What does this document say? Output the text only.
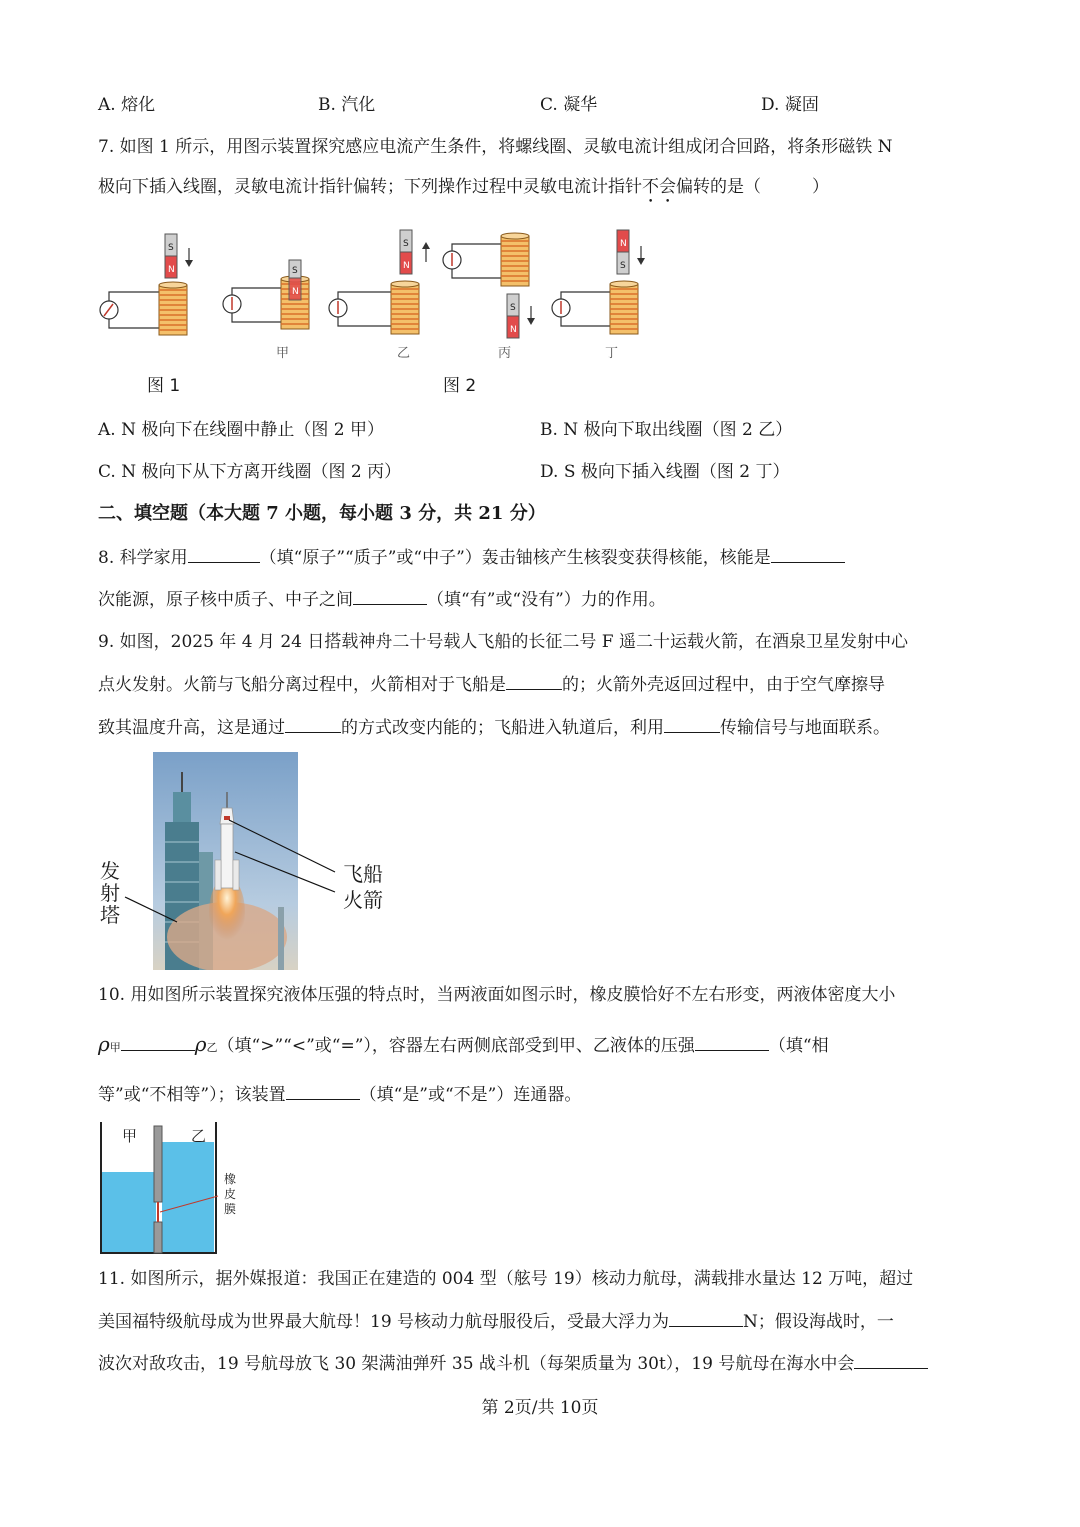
A. 熔化	B. 汽化	C. 凝华	D. 凝固
7. 如图 1 所示，用图示装置探究感应电流产生条件，将螺线圈、灵敏电流计组成闭合回路，将条形磁铁 N
极向下插入线圈，灵敏电流计指针偏转；下列操作过程中灵敏电流计指针不会偏转的是（　　　）
S
N	S
N
S
N
S
N
N
S
甲	乙	丙	丁
图 1	图 2
A. N 极向下在线圈中静止（图 2 甲）	B. N 极向下取出线圈（图 2 乙）
C. N 极向下从下方离开线圈（图 2 丙）	D. S 极向下插入线圈（图 2 丁）
二、填空题（本大题 7 小题，每小题 3 分，共 21 分）
8. 科学家用	（填“原子”“质子”或“中子”）轰击铀核产生核裂变获得核能，核能是
次能源，原子核中质子、中子之间	（填“有”或“没有”）力的作用。
9. 如图，2025 年 4 月 24 日搭载神舟二十号载人飞船的长征二号 F 遥二十运载火箭，在酒泉卫星发射中心
点火发射。火箭与飞船分离过程中，火箭相对于飞船是	的；火箭外壳返回过程中，由于空气摩擦导
致其温度升高，这是通过	的方式改变内能的；飞船进入轨道后，利用	传输信号与地面联系。
飞船
火箭
发
射
塔
10. 用如图所示装置探究液体压强的特点时，当两液面如图示时，橡皮膜恰好不左右形变，两液体密度大小
ρ甲	ρ乙（填“>”“<”或“=”），容器左右两侧底部受到甲、乙液体的压强	（填“相
等”或“不相等”）；该装置	（填“是”或“不是”）连通器。
甲	乙
橡
皮
膜
11. 如图所示，据外媒报道：我国正在建造的 004 型（舷号 19）核动力航母，满载排水量达 12 万吨，超过
美国福特级航母成为世界最大航母！19 号核动力航母服役后，受最大浮力为	N；假设海战时，一
波次对敌攻击，19 号航母放飞 30 架满油弹歼 35 战斗机（每架质量为 30t），19 号航母在海水中会
第 2页/共 10页
